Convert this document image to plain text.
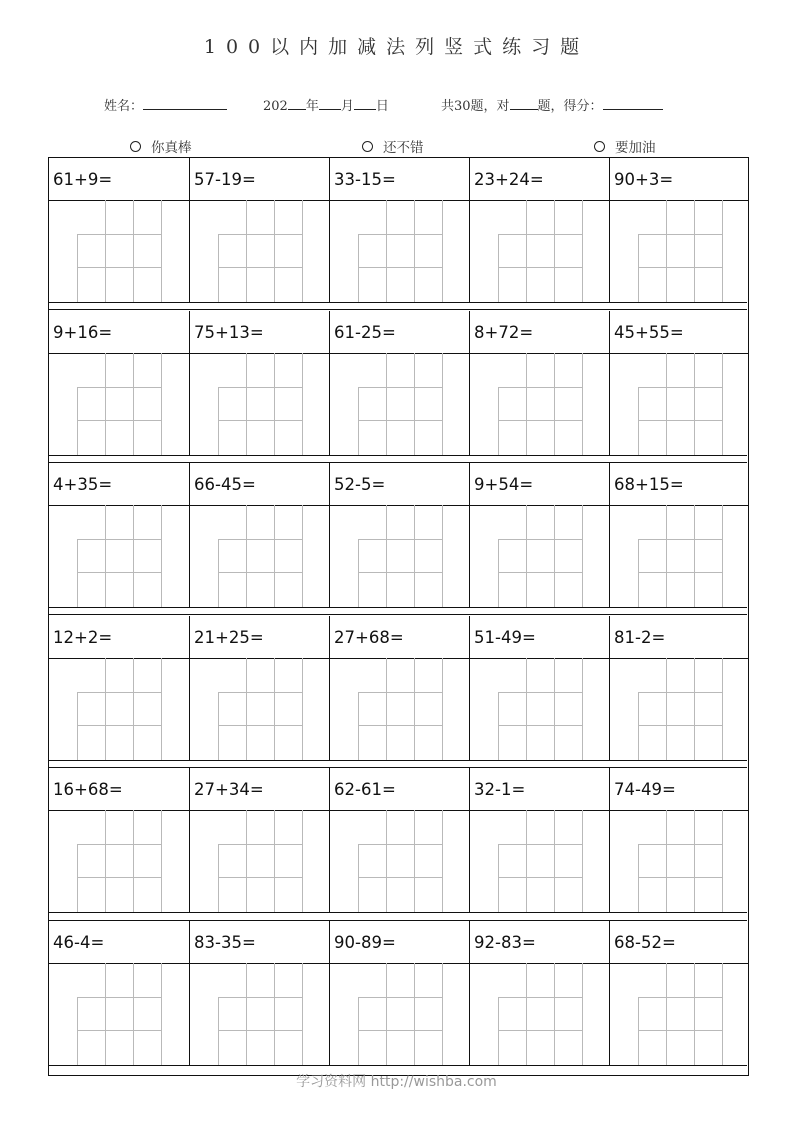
100以内加减法列竖式练习题
姓名：	202 年 月 日	共30题，对 题，得分：
你真棒	还不错	要加油
61+9=	57-19=	33-15=	23+24=	90+3=
9+16=	75+13=	61-25=	8+72=	45+55=
4+35=	66-45=	52-5=	9+54=	68+15=
12+2=	21+25=	27+68=	51-49=	81-2=
16+68=	27+34=	62-61=	32-1=	74-49=
46-4=	83-35=	90-89=	92-83=	68-52=
学习资料网 http://wishba.com
